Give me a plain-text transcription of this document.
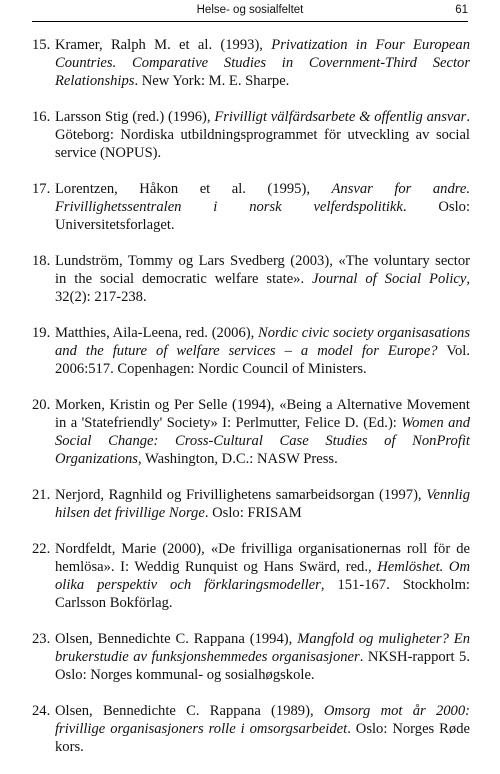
Helse- og sosialfeltet	61
15. Kramer, Ralph M. et al. (1993), Privatization in Four European Countries. Comparative Studies in Covernment-Third Sector Relationships. New York: M. E. Sharpe.
16. Larsson Stig (red.) (1996), Frivilligt välfärdsarbete & offentlig ansvar. Göteborg: Nordiska utbildningsprogrammet för utveckling av social service (NOPUS).
17. Lorentzen, Håkon et al. (1995), Ansvar for andre. Frivillighetssentralen i norsk velferdspolitikk. Oslo: Universitetsforlaget.
18. Lundström, Tommy og Lars Svedberg (2003), «The voluntary sector in the social democratic welfare state». Journal of Social Policy, 32(2): 217-238.
19. Matthies, Aila-Leena, red. (2006), Nordic civic society organisasations and the future of welfare services – a model for Europe? Vol. 2006:517. Copenhagen: Nordic Council of Ministers.
20. Morken, Kristin og Per Selle (1994), «Being a Alternative Movement in a 'Statefriendly' Society» I: Perlmutter, Felice D. (Ed.): Women and Social Change: Cross-Cultural Case Studies of NonProfit Organizations, Washington, D.C.: NASW Press.
21. Nerjord, Ragnhild og Frivillighetens samarbeidsorgan (1997), Vennlig hilsen det frivillige Norge. Oslo: FRISAM
22. Nordfeldt, Marie (2000), «De frivilliga organisationernas roll för de hemlösa». I: Weddig Runquist og Hans Swärd, red., Hemlöshet. Om olika perspektiv och förklaringsmodeller, 151-167. Stockholm: Carlsson Bokförlag.
23. Olsen, Bennedichte C. Rappana (1994), Mangfold og muligheter? En brukerstudie av funksjonshemmedes organisasjoner. NKSH-rapport 5. Oslo: Norges kommunal- og sosialhøgskole.
24. Olsen, Bennedichte C. Rappana (1989), Omsorg mot år 2000: frivillige organisasjoners rolle i omsorgsarbeidet. Oslo: Norges Røde kors.
